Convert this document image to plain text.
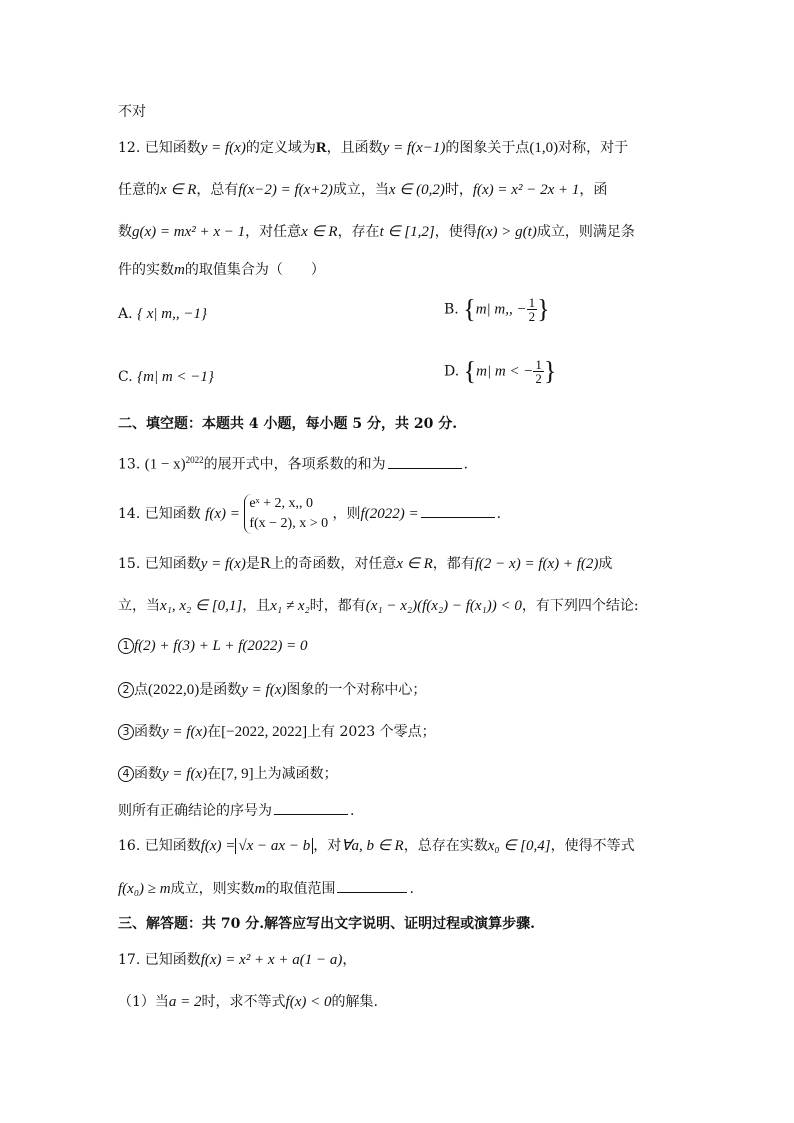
不对
12. 已知函数y = f(x)的定义域为R，且函数y = f(x−1)的图象关于点(1,0)对称，对于
任意的x ∈ R，总有f(x−2) = f(x+2)成立，当x ∈ (0,2)时，f(x) = x² − 2x + 1，函
数g(x) = mx² + x − 1，对任意x ∈ R，存在t ∈ [1,2]，使得f(x) > g(t)成立，则满足条
件的实数m的取值集合为（　　）
A. { x| m,, −1}	B. {m| m,, − $\frac{1}{2}$ }
C. {m| m < −1}	D. {m| m < − $\frac{1}{2}$ }
二、填空题：本题共 4 小题，每小题 5 分，共 20 分.
13. $(1 - x)^{2022}$的展开式中，各项系数的和为	.
14. 已知函数 f(x) =
eˣ + 2, x,, 0
f(x − 2), x > 0
，则f(2022) =	.
15. 已知函数y = f(x)是R上的奇函数，对任意x ∈ R，都有f(2 − x) = f(x) + f(2)成
立，当x₁, x₂ ∈ [0,1]，且x₁ ≠ x₂时，都有(x₁ − x₂)(f(x₂) − f(x₁)) < 0，有下列四个结论:
1 f(2) + f(3) + L + f(2022) = 0
2 点(2022,0)是函数y = f(x)图象的一个对称中心；
3 函数y = f(x)在[−2022, 2022]上有 2023 个零点；
4 函数y = f(x)在[7, 9]上为减函数；
则所有正确结论的序号为	.
16. 已知函数f(x) = √x − ax − b ，对∀a, b ∈ R，总存在实数x₀ ∈ [0,4]，使得不等式
f(x₀) ≥ m成立，则实数m的取值范围	.
三、解答题：共 70 分.解答应写出文字说明、证明过程或演算步骤.
17. 已知函数f(x) = x² + x + a(1 − a)，
（1）当a = 2时，求不等式f(x) < 0的解集.
